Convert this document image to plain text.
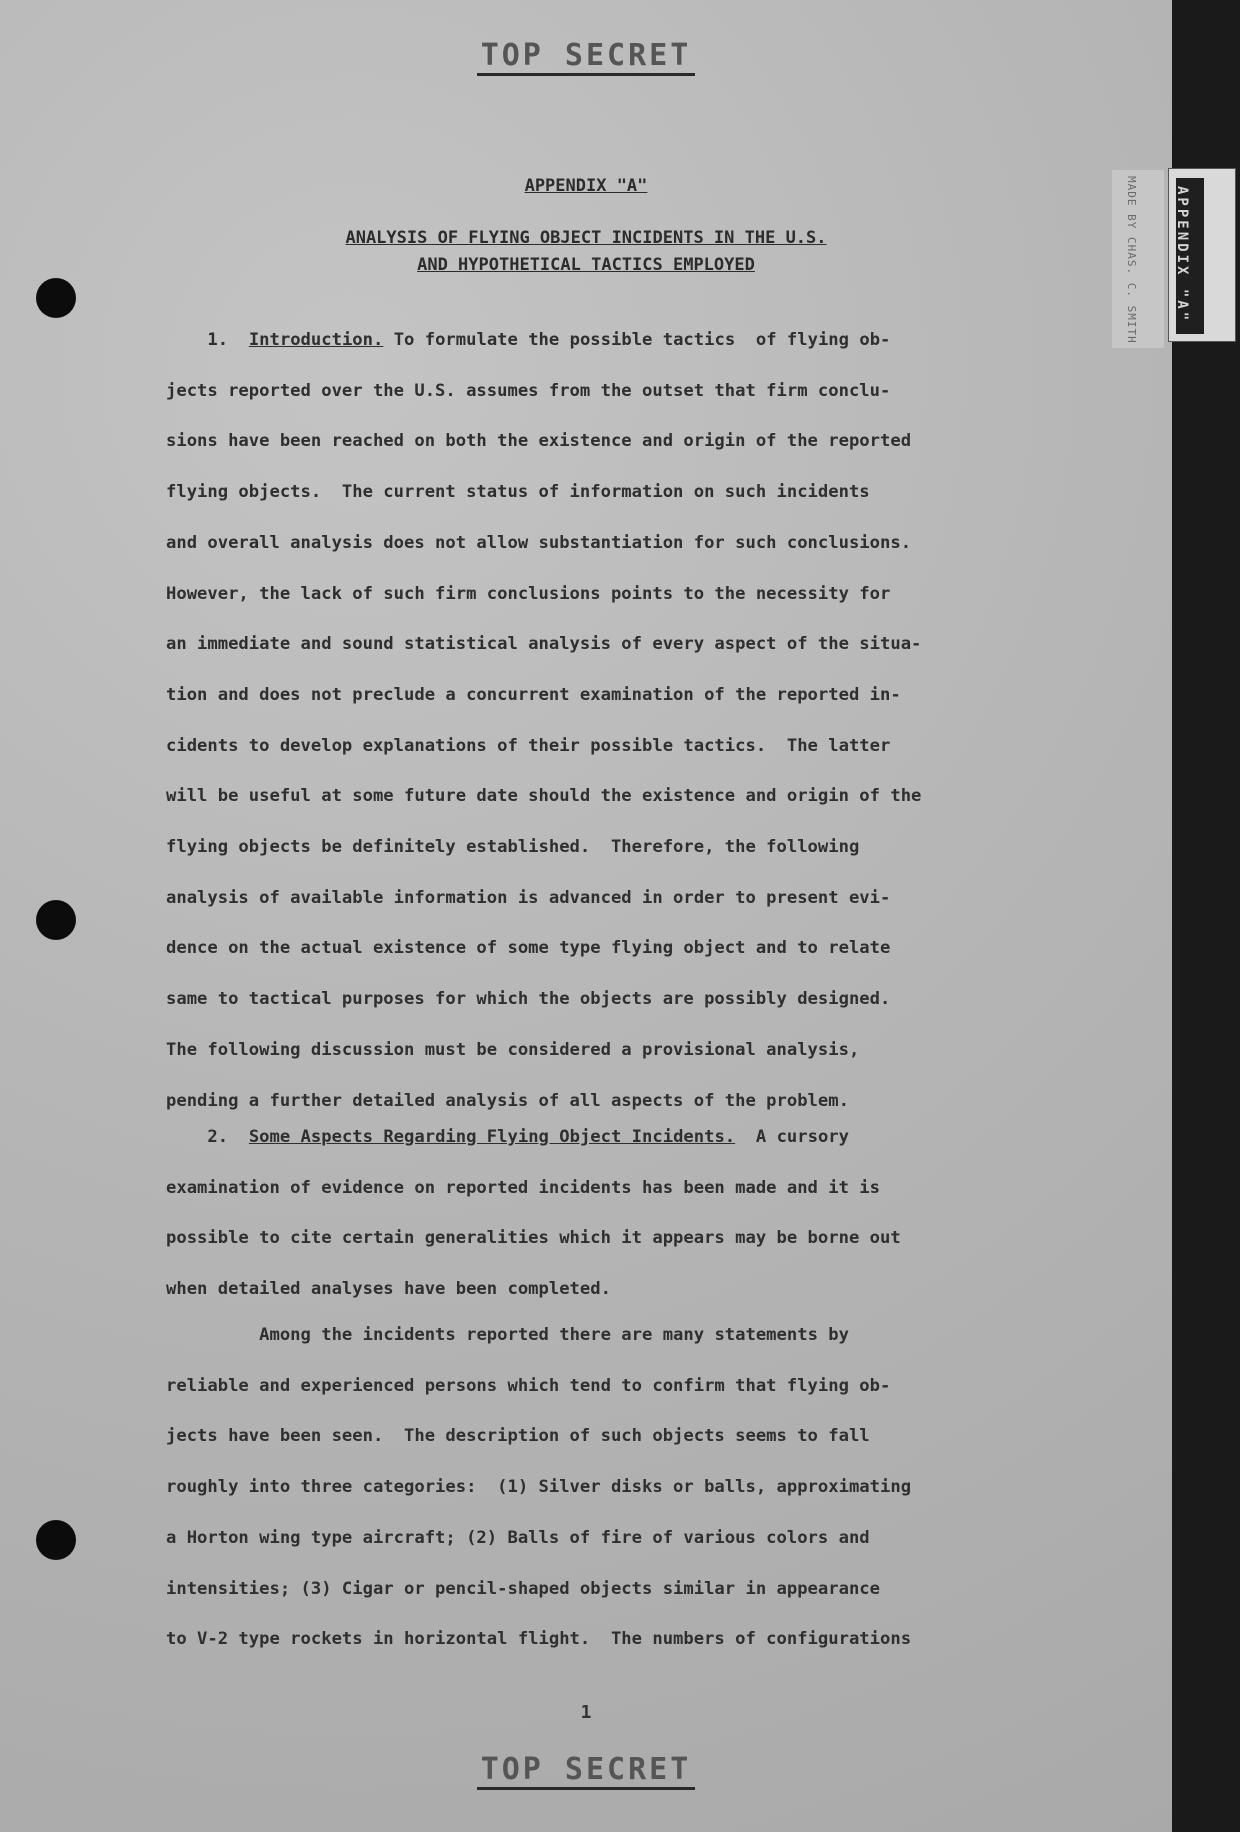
MADE BY CHAS. C. SMITH	APPENDIX "A"
TOP SECRET
APPENDIX "A"
ANALYSIS OF FLYING OBJECT INCIDENTS IN THE U.S.
AND HYPOTHETICAL TACTICS EMPLOYED
1. Introduction. To formulate the possible tactics  of flying ob-
jects reported over the U.S. assumes from the outset that firm conclu-
sions have been reached on both the existence and origin of the reported
flying objects.  The current status of information on such incidents
and overall analysis does not allow substantiation for such conclusions.
However, the lack of such firm conclusions points to the necessity for
an immediate and sound statistical analysis of every aspect of the situa-
tion and does not preclude a concurrent examination of the reported in-
cidents to develop explanations of their possible tactics.  The latter
will be useful at some future date should the existence and origin of the
flying objects be definitely established.  Therefore, the following
analysis of available information is advanced in order to present evi-
dence on the actual existence of some type flying object and to relate
same to tactical purposes for which the objects are possibly designed.
The following discussion must be considered a provisional analysis,
pending a further detailed analysis of all aspects of the problem.
2. Some Aspects Regarding Flying Object Incidents.  A cursory
examination of evidence on reported incidents has been made and it is
possible to cite certain generalities which it appears may be borne out
when detailed analyses have been completed.
Among the incidents reported there are many statements by
reliable and experienced persons which tend to confirm that flying ob-
jects have been seen.  The description of such objects seems to fall
roughly into three categories:  (1) Silver disks or balls, approximating
a Horton wing type aircraft; (2) Balls of fire of various colors and
intensities; (3) Cigar or pencil-shaped objects similar in appearance
to V-2 type rockets in horizontal flight.  The numbers of configurations
1
TOP SECRET
